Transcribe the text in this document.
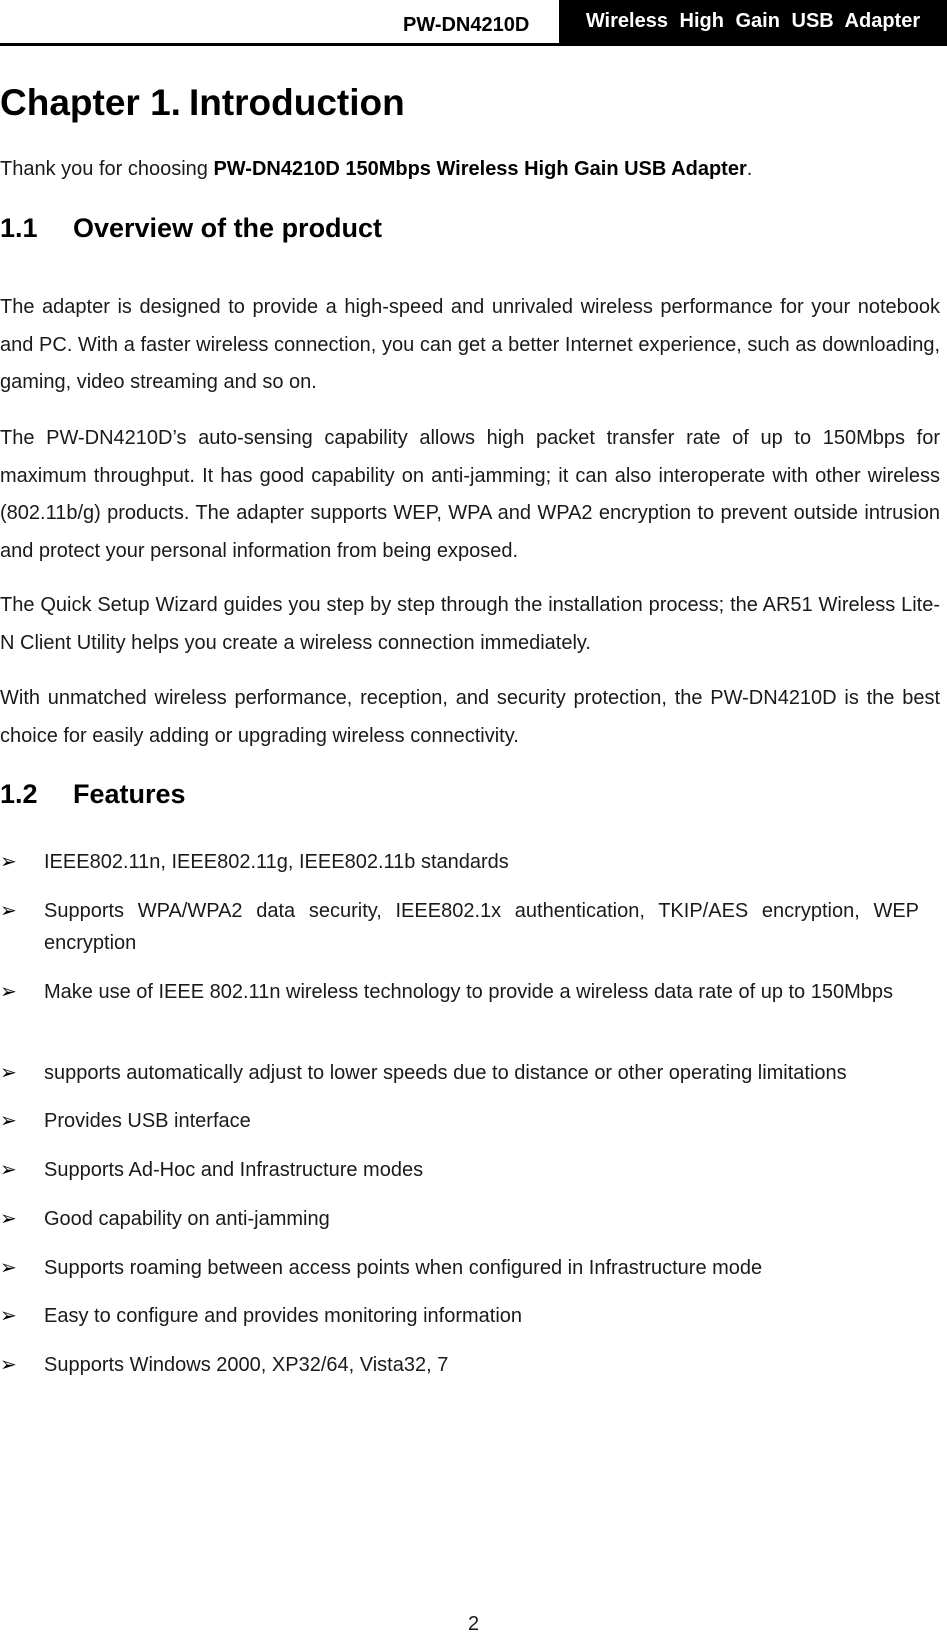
PW-DN4210D	Wireless High Gain USB Adapter
Chapter 1. Introduction
Thank you for choosing PW-DN4210D 150Mbps Wireless High Gain USB Adapter.
1.1 Overview of the product

The adapter is designed to provide a high-speed and unrivaled wireless performance for your notebook and PC. With a faster wireless connection, you can get a better Internet experience, such as downloading, gaming, video streaming and so on.

The PW-DN4210D’s auto-sensing capability allows high packet transfer rate of up to 150Mbps for maximum throughput. It has good capability on anti-jamming; it can also interoperate with other wireless (802.11b/g) products. The adapter supports WEP, WPA and WPA2 encryption to prevent outside intrusion and protect your personal information from being exposed.

The Quick Setup Wizard guides you step by step through the installation process; the AR51 Wireless Lite-N Client Utility helps you create a wireless connection immediately.

With unmatched wireless performance, reception, and security protection, the PW-DN4210D is the best choice for easily adding or upgrading wireless connectivity.

1.2 Features
➢ IEEE802.11n, IEEE802.11g, IEEE802.11b standards
➢ Supports WPA/WPA2 data security, IEEE802.1x authentication, TKIP/AES encryption, WEP encryption
➢ Make use of IEEE 802.11n wireless technology to provide a wireless data rate of up to 150Mbps
➢ supports automatically adjust to lower speeds due to distance or other operating limitations
➢ Provides USB interface
➢ Supports Ad-Hoc and Infrastructure modes
➢ Good capability on anti-jamming
➢ Supports roaming between access points when configured in Infrastructure mode
➢ Easy to configure and provides monitoring information
➢ Supports Windows 2000, XP32/64, Vista32, 7
2
